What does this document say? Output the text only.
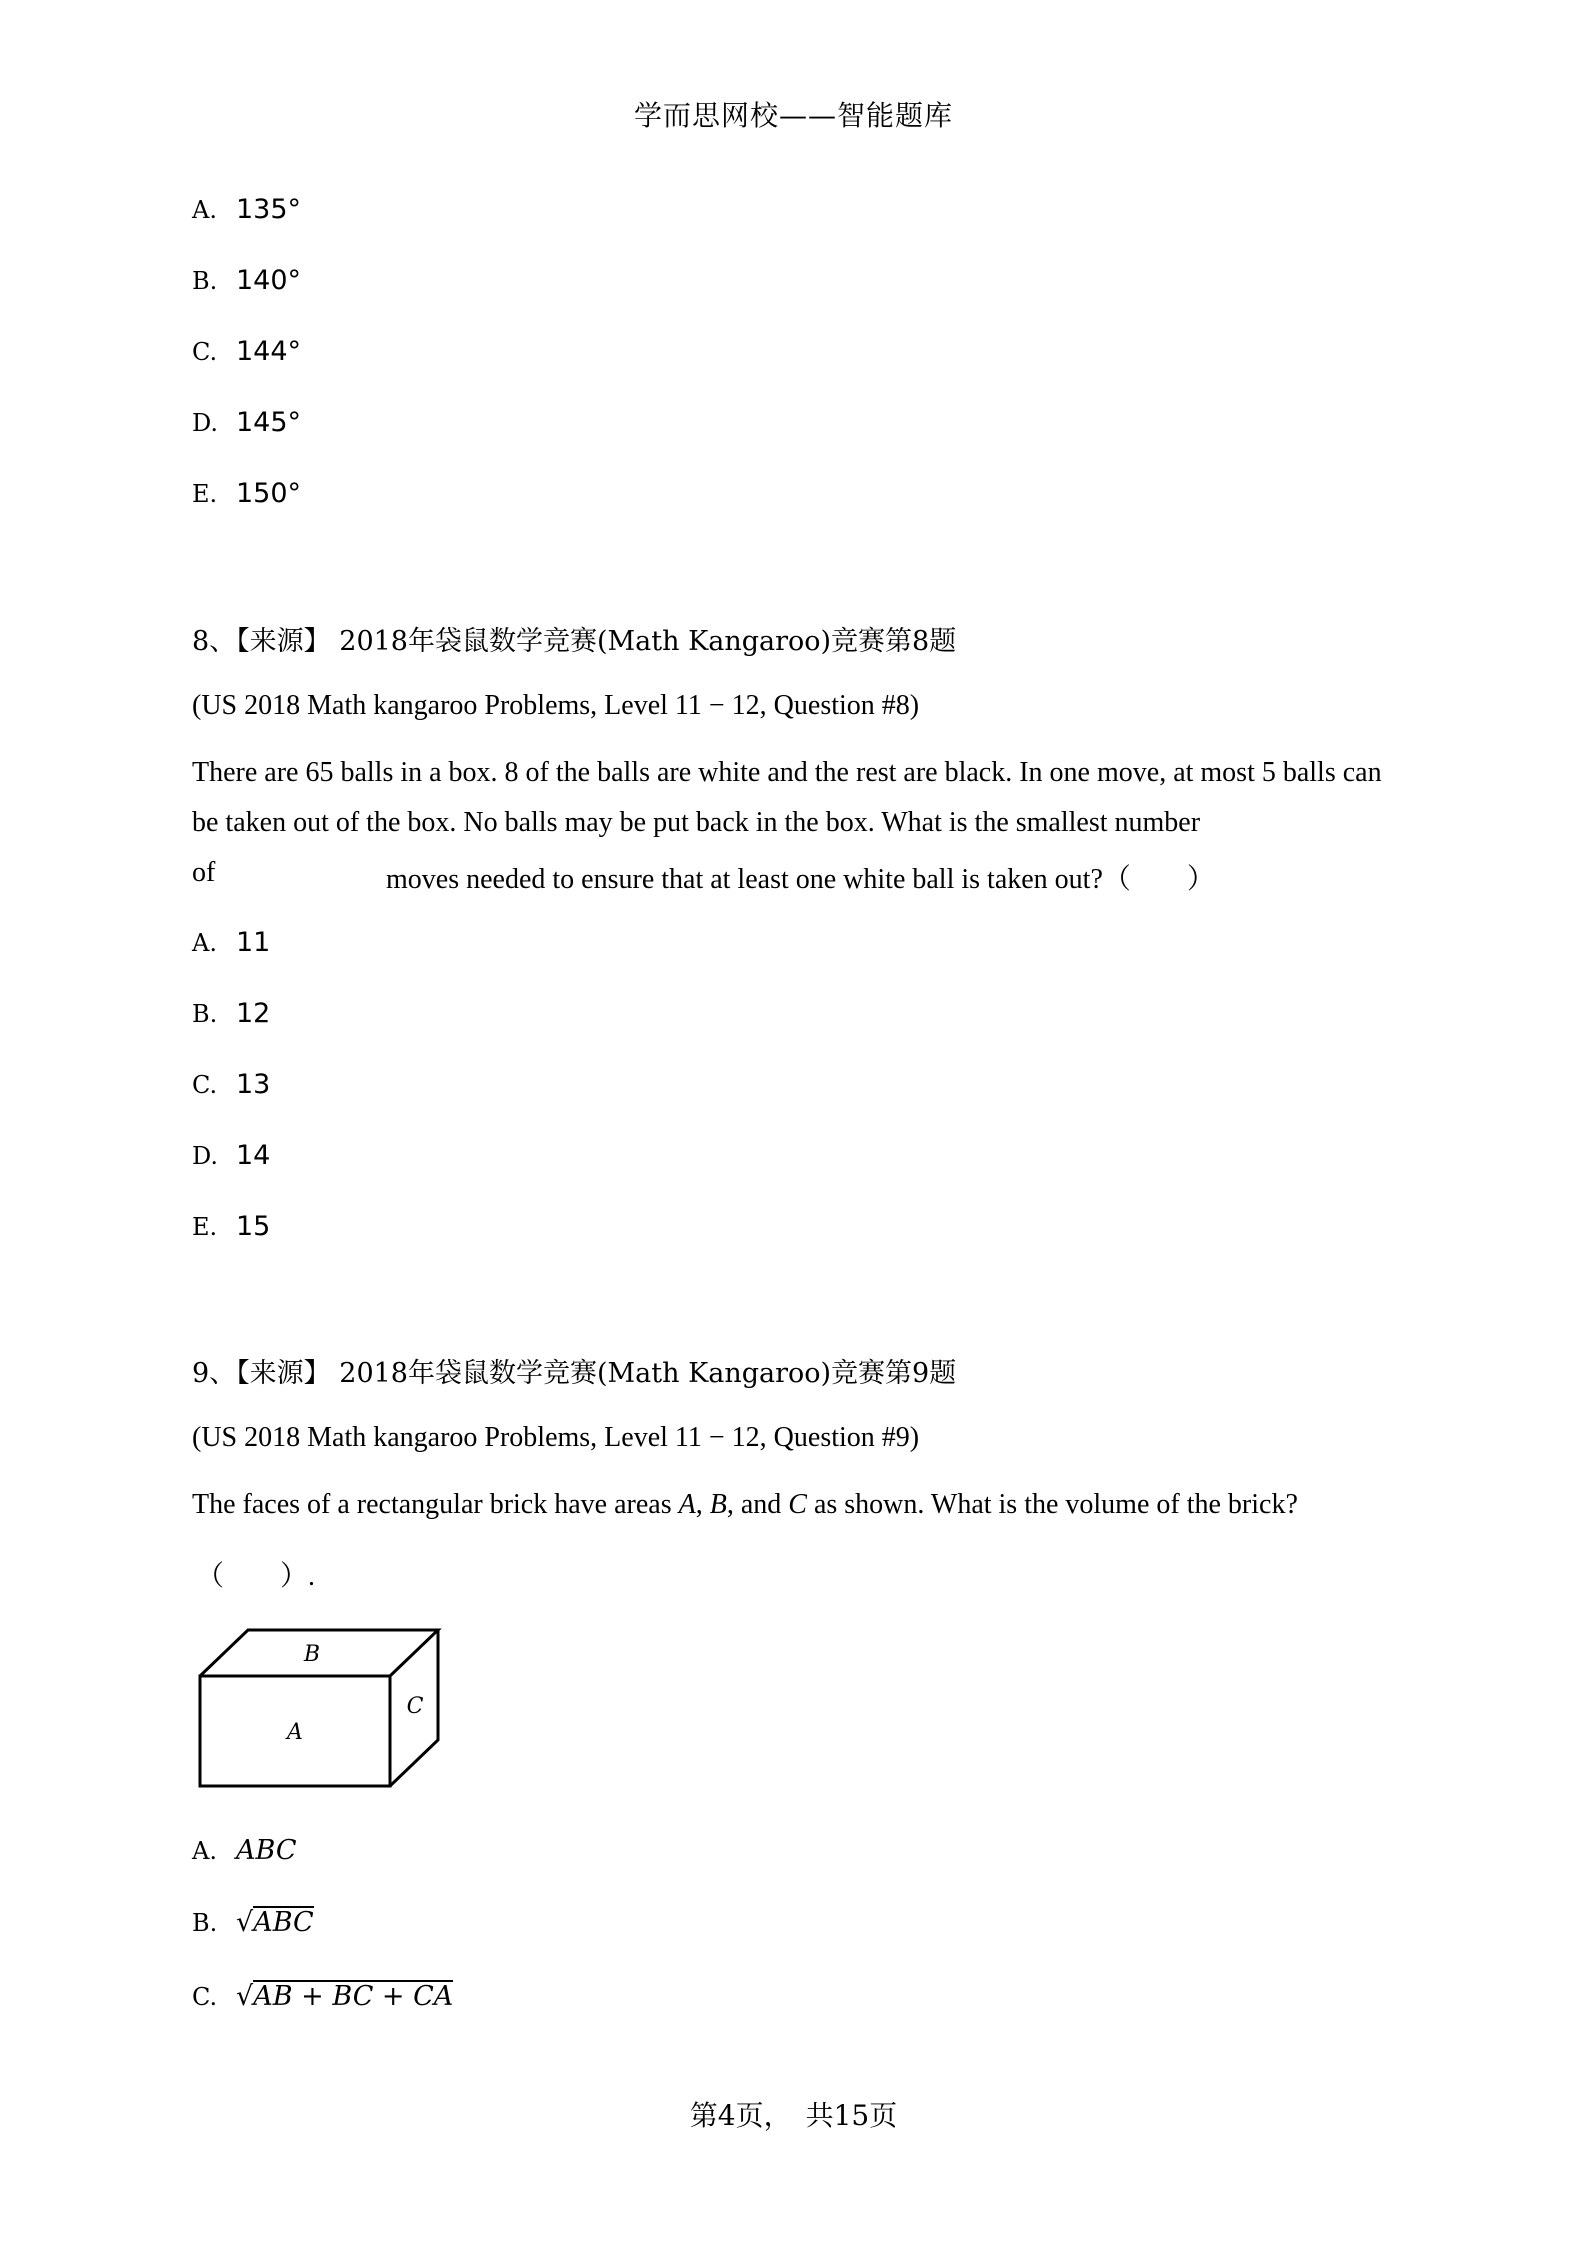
学而思网校——智能题库
A. 135°
B. 140°
C. 144°
D. 145°
E. 150°
8、【来源】 2018年袋鼠数学竞赛(Math Kangaroo)竞赛第8题
(US 2018 Math kangaroo Problems, Level 11 − 12, Question #8)
There are 65 balls in a box. 8 of the balls are white and the rest are black. In one move, at most 5 balls can
be taken out of the box. No balls may be put back in the box. What is the smallest number
of	moves needed to ensure that at least one white ball is taken out?（　　）
A. 11
B. 12
C. 13
D. 14
E. 15
9、【来源】 2018年袋鼠数学竞赛(Math Kangaroo)竞赛第9题
(US 2018 Math kangaroo Problems, Level 11 − 12, Question #9)
The faces of a rectangular brick have areas A, B, and C as shown. What is the volume of the brick?
（　　）.
B
A
C
A. ABC
B. √ABC
C. √AB + BC + CA
第4页，　共15页
